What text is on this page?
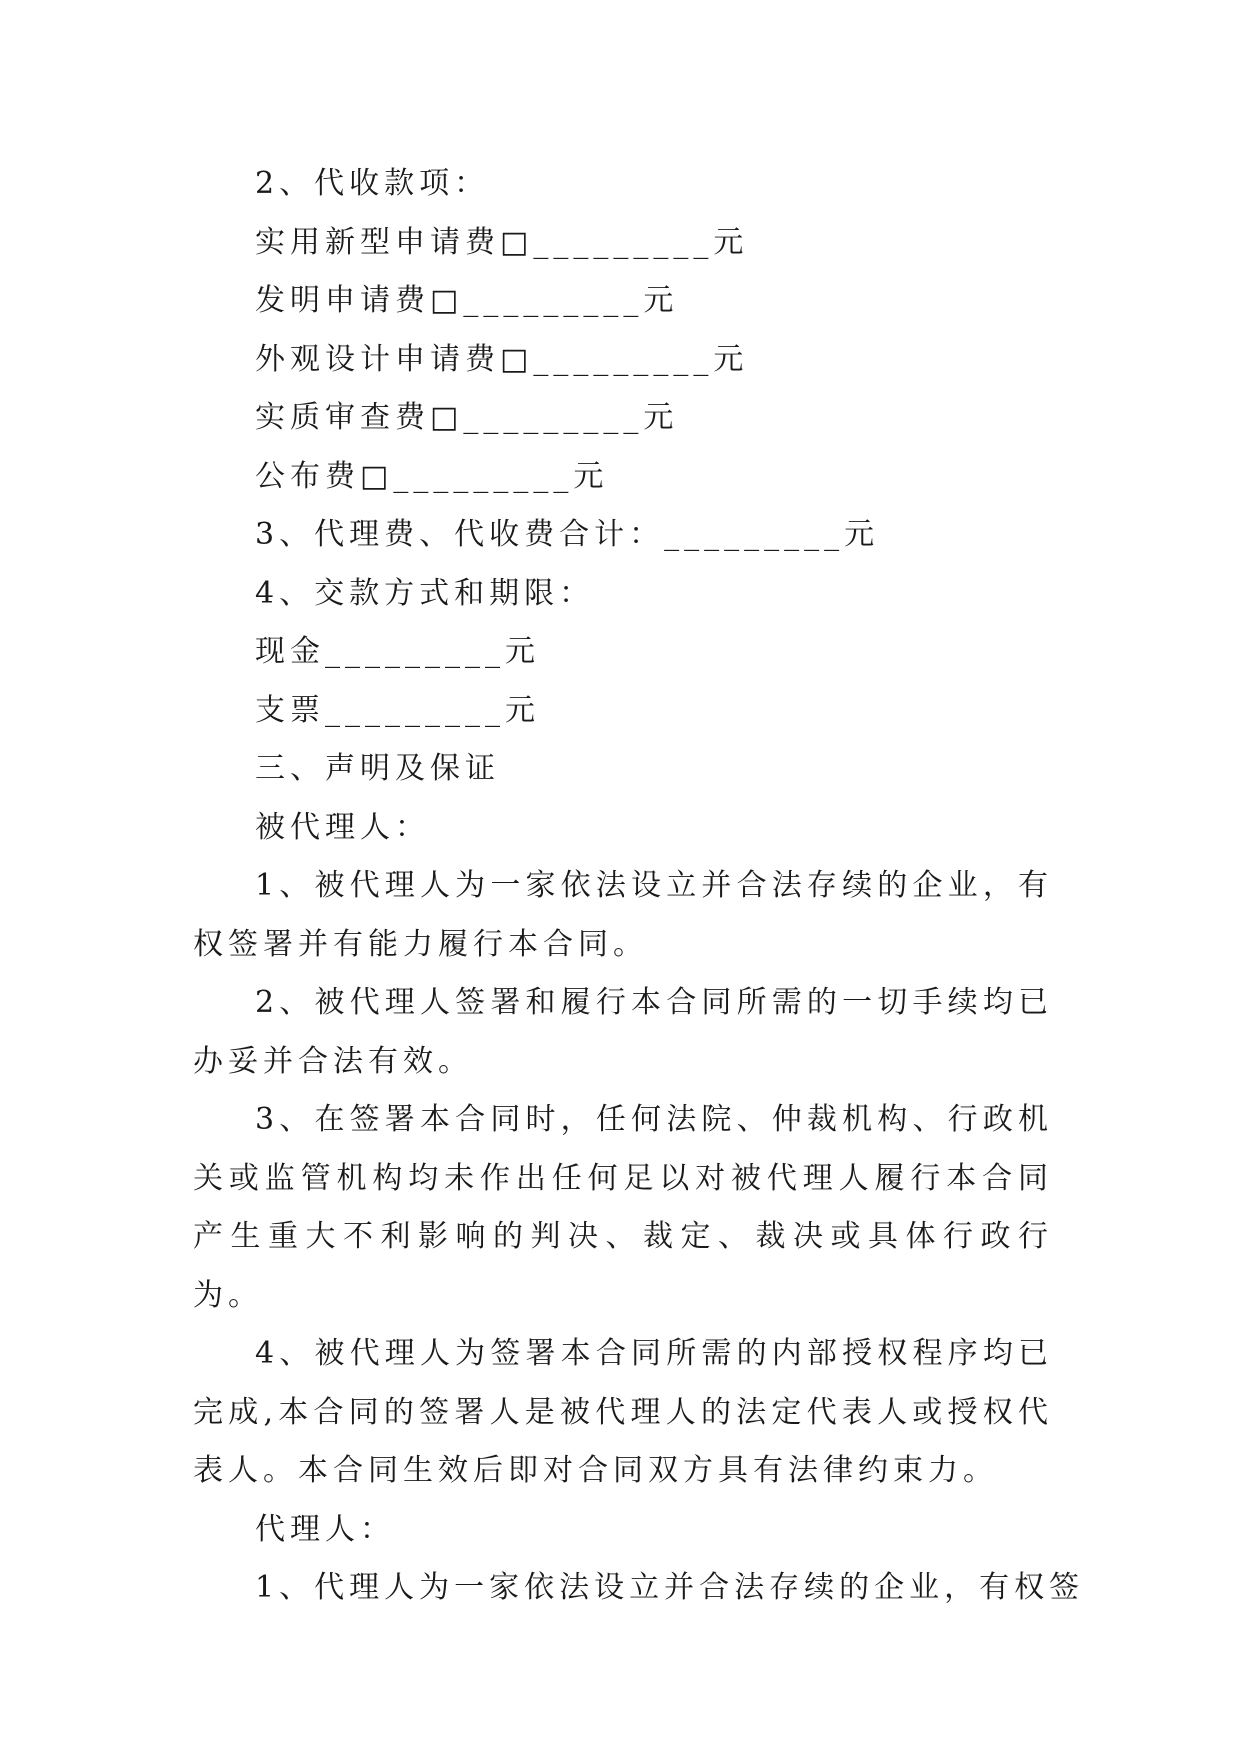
2、代收款项：
实用新型申请费□_________元
发明申请费□_________元
外观设计申请费□_________元
实质审查费□_________元
公布费□_________元
3、代理费、代收费合计：_________元
4、交款方式和期限：
现金_________元
支票_________元
三、声明及保证
被代理人：
1、被代理人为一家依法设立并合法存续的企业，有权签署并有能力履行本合同。
2、被代理人签署和履行本合同所需的一切手续均已办妥并合法有效。
3、在签署本合同时，任何法院、仲裁机构、行政机关或监管机构均未作出任何足以对被代理人履行本合同产生重大不利影响的判决、裁定、裁决或具体行政行为。
4、被代理人为签署本合同所需的内部授权程序均已完成,本合同的签署人是被代理人的法定代表人或授权代表人。本合同生效后即对合同双方具有法律约束力。
代理人：
1、代理人为一家依法设立并合法存续的企业，有权签
